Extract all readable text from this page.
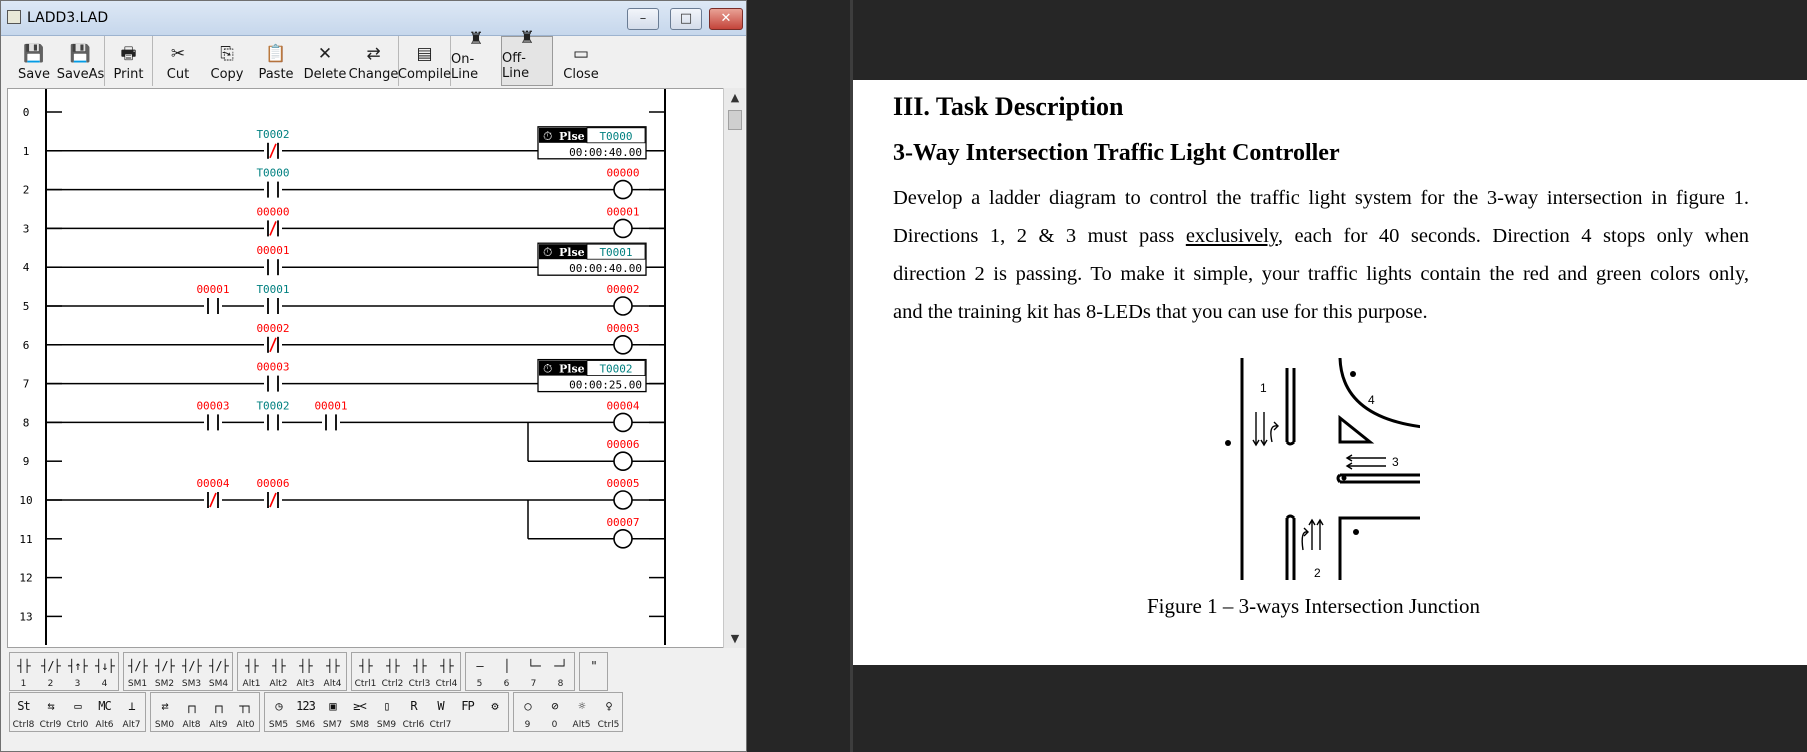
LADD3.LAD	–	□	✕
💾
Save
💾
SaveAs
🖶
Print
✂
Cut
⎘
Copy
📋
Paste
✕
Delete
⇄
Change
▤
Compile
♜
On-Line
♜
Off-Line
▭
Close
0
1
2
3
4
5
6
7
8
9
10
11
12
13
T0002
T0000
00000
00001
00001 T0001
00002
00003
00003 T0002 00001
00004 00006
00000
00001
00002
00003
00004
00006
00005
00007
⏱ Plse T0000
00:00:40.00
⏱ Plse T0001
00:00:40.00
⏱ Plse T0002
00:00:25.00
▲
▼
┤├
1
┤/├
2
┤↑├
3
┤↓├
4
┤/├
SM1
┤/├
SM2
┤/├
SM3
┤/├
SM4
┤├
Alt1
┤├
Alt2
┤├
Alt3
┤├
Alt4
┤├
Ctrl1
┤├
Ctrl2
┤├
Ctrl3
┤├
Ctrl4
—
5
│
6
└─
7
─┘
8
"
St
Ctrl8
⇆
Ctrl9
▭
Ctrl0
MC
Alt6
⊥
Alt7
⇄
SM0
┌┐
Alt8
┌┐
Alt9
┬┐
Alt0
◷
SM5
123
SM6
▣
SM7
≥<
SM8
▯
SM9
R
Ctrl6
W
Ctrl7
FP ⚙ ○
9
⊘
0
☼
Alt5
♀
Ctrl5
III. Task Description
3-Way Intersection Traffic Light Controller
Develop a ladder diagram to control the traffic light system for the 3-way intersection in figure 1.
Directions 1, 2 & 3 must pass exclusively, each for 40 seconds. Direction 4 stops only when
direction 2 is passing. To make it simple, your traffic lights contain the red and green colors only,
and the training kit has 8-LEDs that you can use for this purpose.
1
2
3
4
Figure 1 – 3-ways Intersection Junction
